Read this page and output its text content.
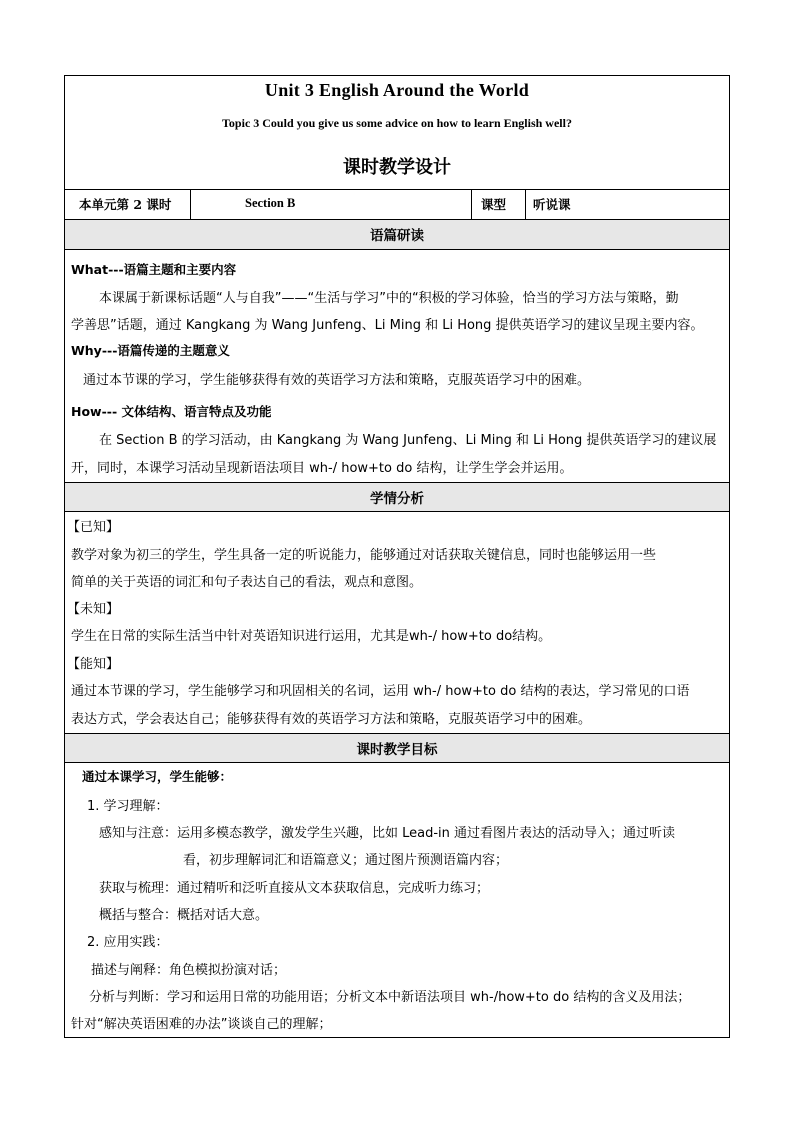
Unit 3 English Around the World
Topic 3 Could you give us some advice on how to learn English well?
课时教学设计
本单元第 2 课时	Section B	课型 听说课
语篇研读
What---语篇主题和主要内容
本课属于新课标话题“人与自我”——“生活与学习”中的“积极的学习体验，恰当的学习方法与策略，勤
学善思”话题，通过 Kangkang 为 Wang Junfeng、Li Ming 和 Li Hong 提供英语学习的建议呈现主要内容。
Why---语篇传递的主题意义
通过本节课的学习，学生能够获得有效的英语学习方法和策略，克服英语学习中的困难。
How--- 文体结构、语言特点及功能
在 Section B 的学习活动，由 Kangkang 为 Wang Junfeng、Li Ming 和 Li Hong 提供英语学习的建议展
开，同时，本课学习活动呈现新语法项目 wh-/ how+to do 结构，让学生学会并运用。
学情分析
【已知】
教学对象为初三的学生，学生具备一定的听说能力，能够通过对话获取关键信息，同时也能够运用一些
简单的关于英语的词汇和句子表达自己的看法，观点和意图。
【未知】
学生在日常的实际生活当中针对英语知识进行运用，尤其是wh-/ how+to do结构。
【能知】
通过本节课的学习，学生能够学习和巩固相关的名词，运用 wh-/ how+to do 结构的表达，学习常见的口语
表达方式，学会表达自己；能够获得有效的英语学习方法和策略，克服英语学习中的困难。
课时教学目标
通过本课学习，学生能够：
1. 学习理解：
感知与注意：运用多模态教学，激发学生兴趣，比如 Lead-in 通过看图片表达的活动导入；通过听读
看，初步理解词汇和语篇意义；通过图片预测语篇内容；
获取与梳理：通过精听和泛听直接从文本获取信息，完成听力练习；
概括与整合：概括对话大意。
2. 应用实践：
描述与阐释：角色模拟扮演对话；
分析与判断：学习和运用日常的功能用语；分析文本中新语法项目 wh-/how+to do 结构的含义及用法；
针对“解决英语困难的办法”谈谈自己的理解；
